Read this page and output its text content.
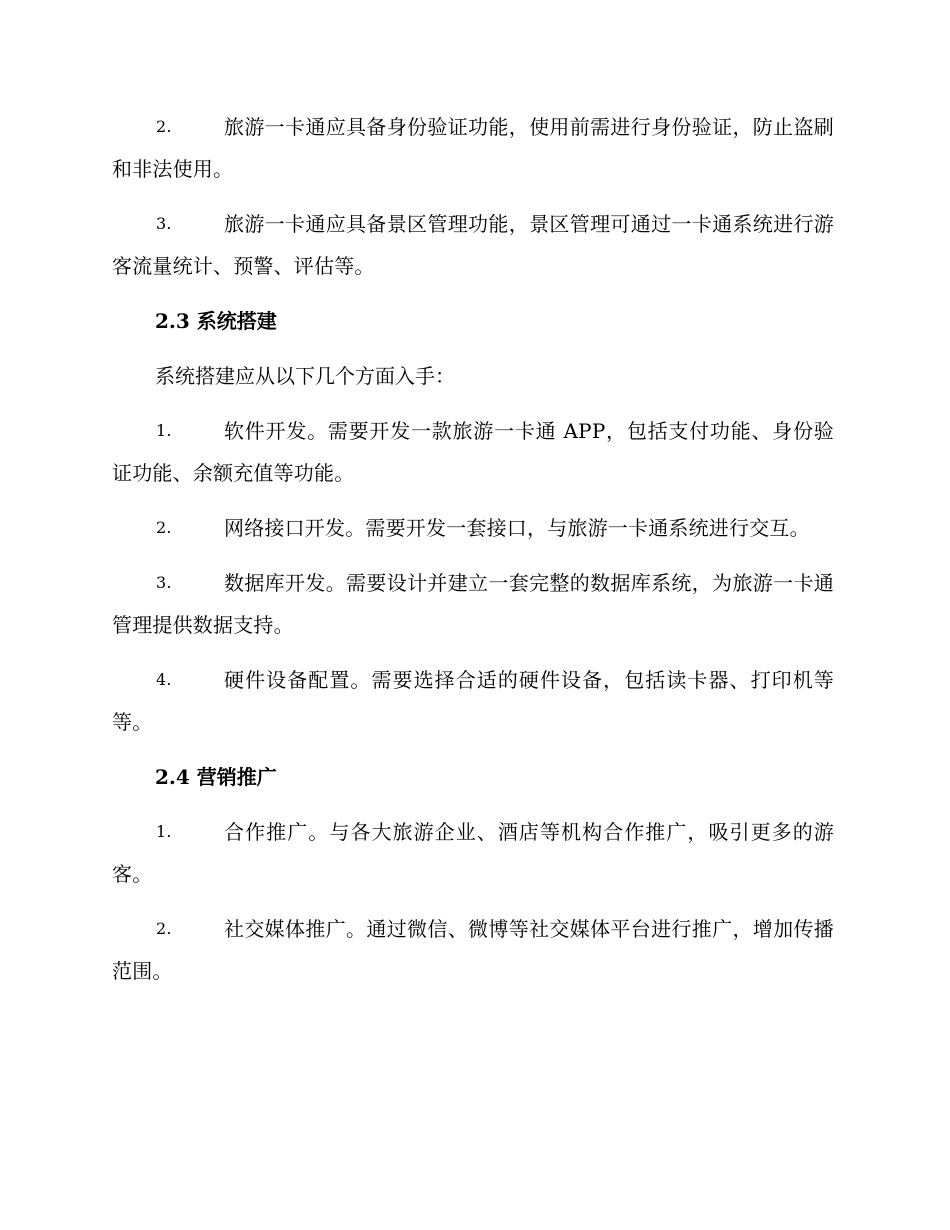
2.	旅游一卡通应具备身份验证功能，使用前需进行身份验证，防止盗刷和非法使用。
3.	旅游一卡通应具备景区管理功能，景区管理可通过一卡通系统进行游客流量统计、预警、评估等。
2.3 系统搭建
系统搭建应从以下几个方面入手：
1.	软件开发。需要开发一款旅游一卡通 APP，包括支付功能、身份验证功能、余额充值等功能。
2.	网络接口开发。需要开发一套接口，与旅游一卡通系统进行交互。
3.	数据库开发。需要设计并建立一套完整的数据库系统，为旅游一卡通管理提供数据支持。
4.	硬件设备配置。需要选择合适的硬件设备，包括读卡器、打印机等等。
2.4 营销推广
1.	合作推广。与各大旅游企业、酒店等机构合作推广，吸引更多的游客。
2.	社交媒体推广。通过微信、微博等社交媒体平台进行推广，增加传播范围。
